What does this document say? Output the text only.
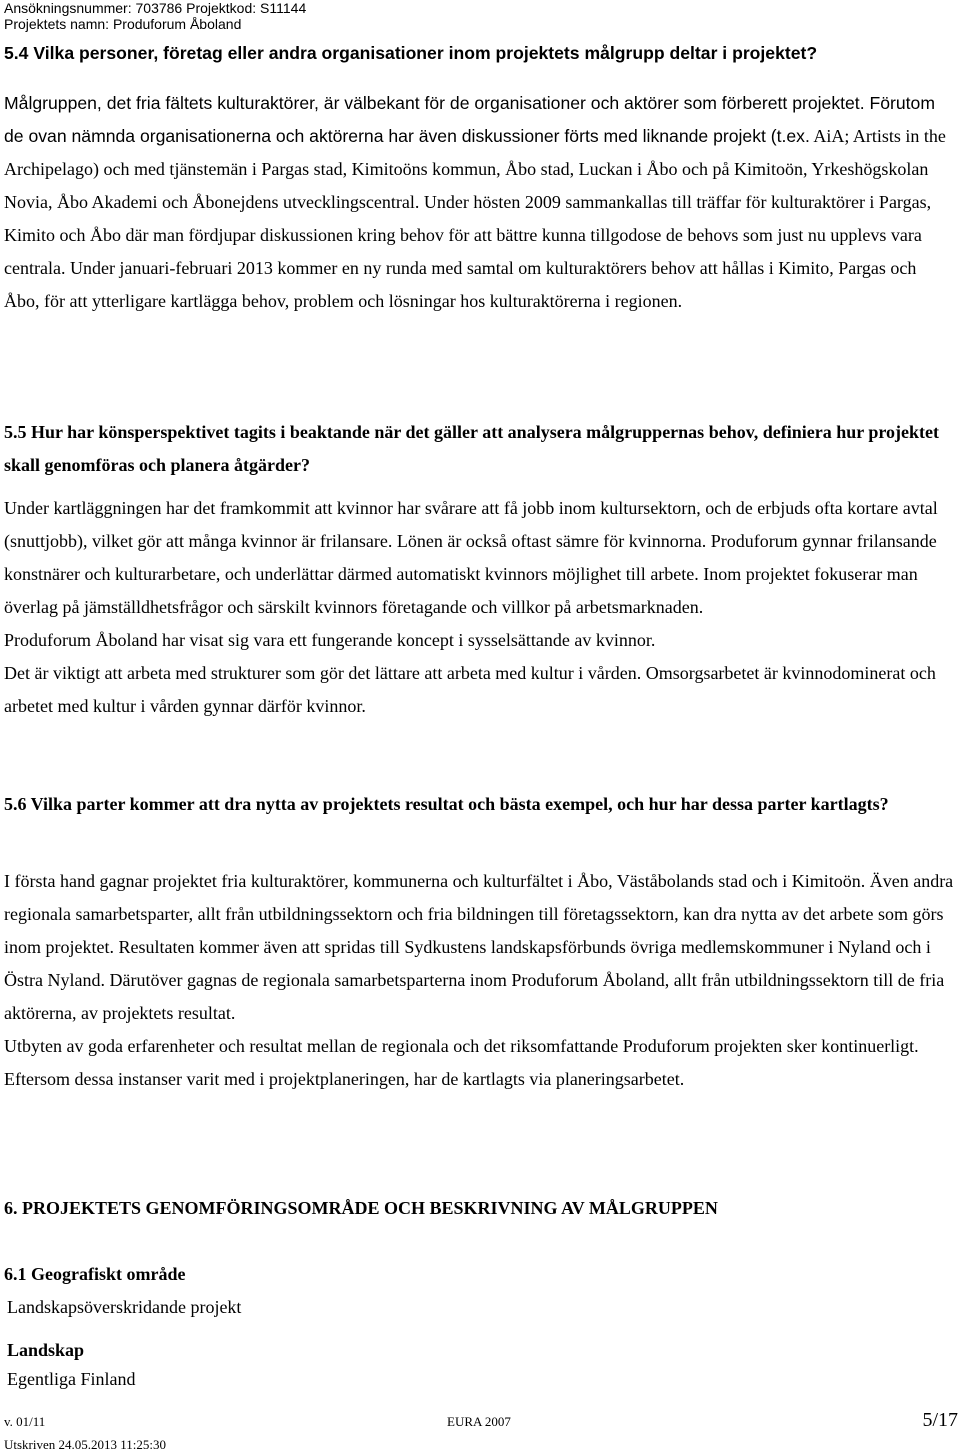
Ansökningsnummer: 703786 Projektkod: S11144
Projektets namn: Produforum Åboland
5.4 Vilka personer, företag eller andra organisationer inom projektets målgrupp deltar i projektet?

Målgruppen, det fria fältets kulturaktörer, är välbekant för de organisationer och aktörer som förberett projektet. Förutom de ovan nämnda organisationerna och aktörerna har även diskussioner förts med liknande projekt (t.ex. AiA; Artists in the Archipelago) och med tjänstemän i Pargas stad, Kimitoöns kommun, Åbo stad, Luckan i Åbo och på Kimitoön, Yrkeshögskolan Novia, Åbo Akademi och Åbonejdens utvecklingscentral. Under hösten 2009 sammankallas till träffar för kulturaktörer i Pargas, Kimito och Åbo där man fördjupar diskussionen kring behov för att bättre kunna tillgodose de behovs som just nu upplevs vara centrala. Under januari-februari 2013 kommer en ny runda med samtal om kulturaktörers behov att hållas i Kimito, Pargas och Åbo, för att ytterligare kartlägga behov, problem och lösningar hos kulturaktörerna i regionen.

5.5 Hur har könsperspektivet tagits i beaktande när det gäller att analysera målgruppernas behov, definiera hur projektet skall genomföras och planera åtgärder?

Under kartläggningen har det framkommit att kvinnor har svårare att få jobb inom kultursektorn, och de erbjuds ofta kortare avtal (snuttjobb), vilket gör att många kvinnor är frilansare. Lönen är också oftast sämre för kvinnorna. Produforum gynnar frilansande konstnärer och kulturarbetare, och underlättar därmed automatiskt kvinnors möjlighet till arbete. Inom projektet fokuserar man överlag på jämställdhetsfrågor och särskilt kvinnors företagande och villkor på arbetsmarknaden.

Produforum Åboland har visat sig vara ett fungerande koncept i sysselsättande av kvinnor.

Det är viktigt att arbeta med strukturer som gör det lättare att arbeta med kultur i vården. Omsorgsarbetet är kvinnodominerat och arbetet med kultur i vården gynnar därför kvinnor.

5.6 Vilka parter kommer att dra nytta av projektets resultat och bästa exempel, och hur har dessa parter kartlagts?

I första hand gagnar projektet fria kulturaktörer, kommunerna och kulturfältet i Åbo, Väståbolands stad och i Kimitoön. Även andra regionala samarbetsparter, allt från utbildningssektorn och fria bildningen till företagssektorn, kan dra nytta av det arbete som görs inom projektet. Resultaten kommer även att spridas till Sydkustens landskapsförbunds övriga medlemskommuner i Nyland och i Östra Nyland. Därutöver gagnas de regionala samarbetsparterna inom Produforum Åboland, allt från utbildningssektorn till de fria aktörerna, av projektets resultat.

Utbyten av goda erfarenheter och resultat mellan de regionala och det riksomfattande Produforum projekten sker kontinuerligt. Eftersom dessa instanser varit med i projektplaneringen, har de kartlagts via planeringsarbetet.

6. PROJEKTETS GENOMFÖRINGSOMRÅDE OCH BESKRIVNING AV MÅLGRUPPEN
6.1 Geografiskt område
Landskapsöverskridande projekt
Landskap
Egentliga Finland
v. 01/11	EURA 2007
Utskriven 24.05.2013 11:25:30
5/17
